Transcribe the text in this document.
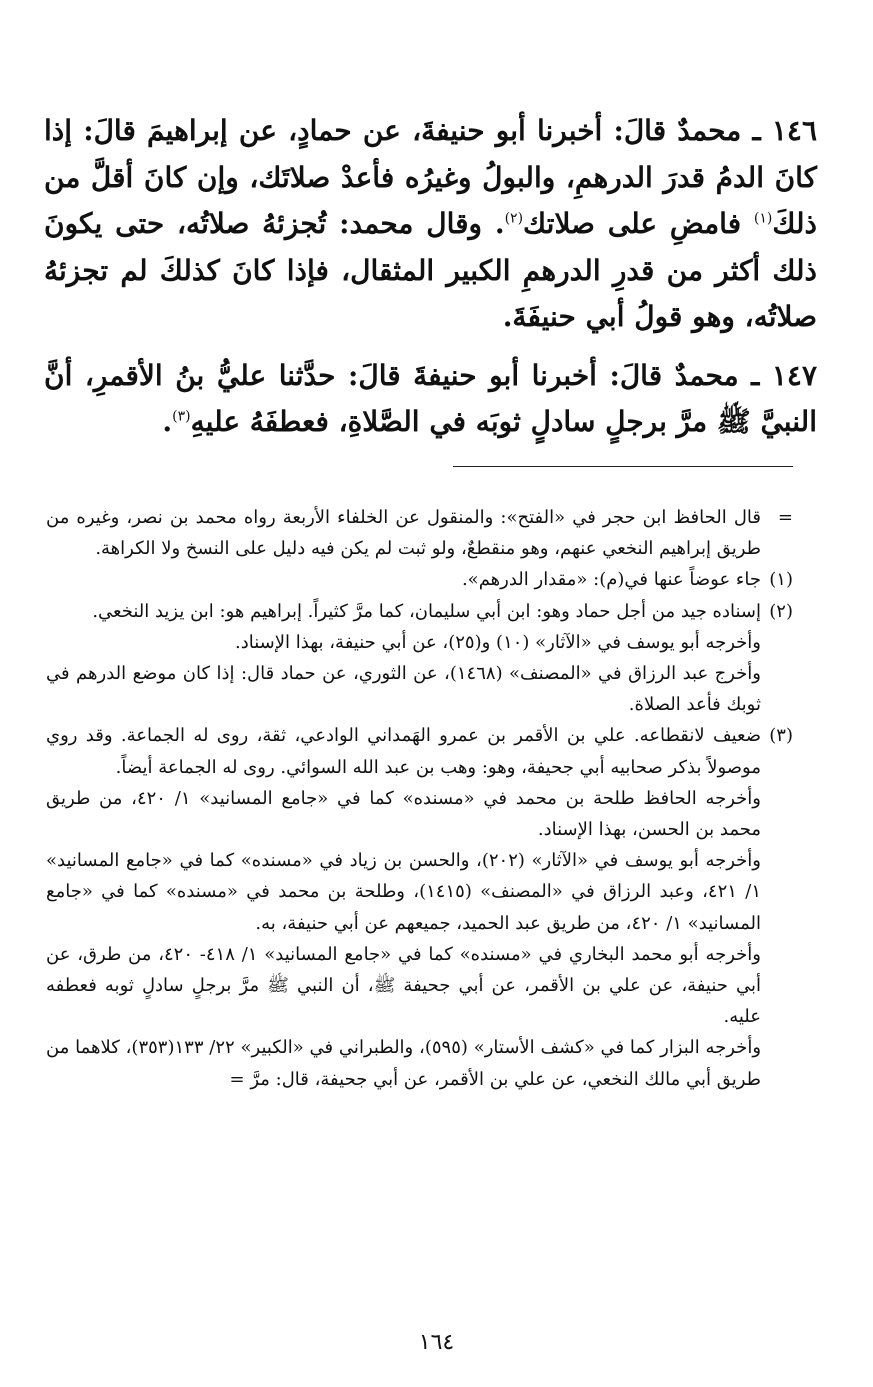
١٤٦ ـ محمدٌ قالَ: أخبرنا أبو حنيفةَ، عن حمادٍ، عن إبراهيمَ قالَ: إذا كانَ الدمُ قدرَ الدرهمِ، والبولُ وغيرُه فأعدْ صلاتَك، وإن كانَ أقلَّ من ذلكَ$^{(١)}$ فامضِ على صلاتك$^{(٢)}$. وقال محمد: تُجزئهُ صلاتُه، حتى يكونَ ذلك أكثر من قدرِ الدرهمِ الكبير المثقال، فإذا كانَ كذلكَ لم تجزئهُ صلاتُه، وهو قولُ أبي حنيفَةَ.

١٤٧ ـ محمدٌ قالَ: أخبرنا أبو حنيفةَ قالَ: حدَّثنا عليُّ بنُ الأقمرِ، أنَّ النبيَّ ﷺ مرَّ برجلٍ سادلٍ ثوبَه في الصَّلاةِ، فعطفَهُ عليهِ$^{(٣)}$.

=

قال الحافظ ابن حجر في «الفتح»: والمنقول عن الخلفاء الأربعة رواه محمد بن نصر، وغيره من طريق إبراهيم النخعي عنهم، وهو منقطعٌ، ولو ثبت لم يكن فيه دليل على النسخ ولا الكراهة.

(١)

جاء عوضاً عنها في(م): «مقدار الدرهم».

(٢)

إسناده جيد من أجل حماد وهو: ابن أبي سليمان، كما مرَّ كثيراً. إبراهيم هو: ابن يزيد النخعي.

وأخرجه أبو يوسف في «الآثار» (١٠) و(٢٥)، عن أبي حنيفة، بهذا الإسناد.

وأخرج عبد الرزاق في «المصنف» (١٤٦٨)، عن الثوري، عن حماد قال: إذا كان موضع الدرهم في ثوبك فأعد الصلاة.

(٣)

ضعيف لانقطاعه. علي بن الأقمر بن عمرو الهَمداني الوادعي، ثقة، روى له الجماعة. وقد روي موصولاً بذكر صحابيه أبي جحيفة، وهو: وهب بن عبد الله السوائي. روى له الجماعة أيضاً.

وأخرجه الحافظ طلحة بن محمد في «مسنده» كما في «جامع المسانيد» ١/ ٤٢٠، من طريق محمد بن الحسن، بهذا الإسناد.

وأخرجه أبو يوسف في «الآثار» (٢٠٢)، والحسن بن زياد في «مسنده» كما في «جامع المسانيد» ١/ ٤٢١، وعبد الرزاق في «المصنف» (١٤١٥)، وطلحة بن محمد في «مسنده» كما في «جامع المسانيد» ١/ ٤٢٠، من طريق عبد الحميد، جميعهم عن أبي حنيفة، به.

وأخرجه أبو محمد البخاري في «مسنده» كما في «جامع المسانيد» ١/ ٤١٨- ٤٢٠، من طرق، عن أبي حنيفة، عن علي بن الأقمر، عن أبي جحيفة ﷺ، أن النبي ﷺ مرَّ برجلٍ سادلٍ ثوبه فعطفه عليه.

وأخرجه البزار كما في «كشف الأستار» (٥٩٥)، والطبراني في «الكبير» ٢٢/ ١٣٣(٣٥٣)، كلاهما من طريق أبي مالك النخعي، عن علي بن الأقمر، عن أبي جحيفة، قال: مرَّ =

١٦٤
